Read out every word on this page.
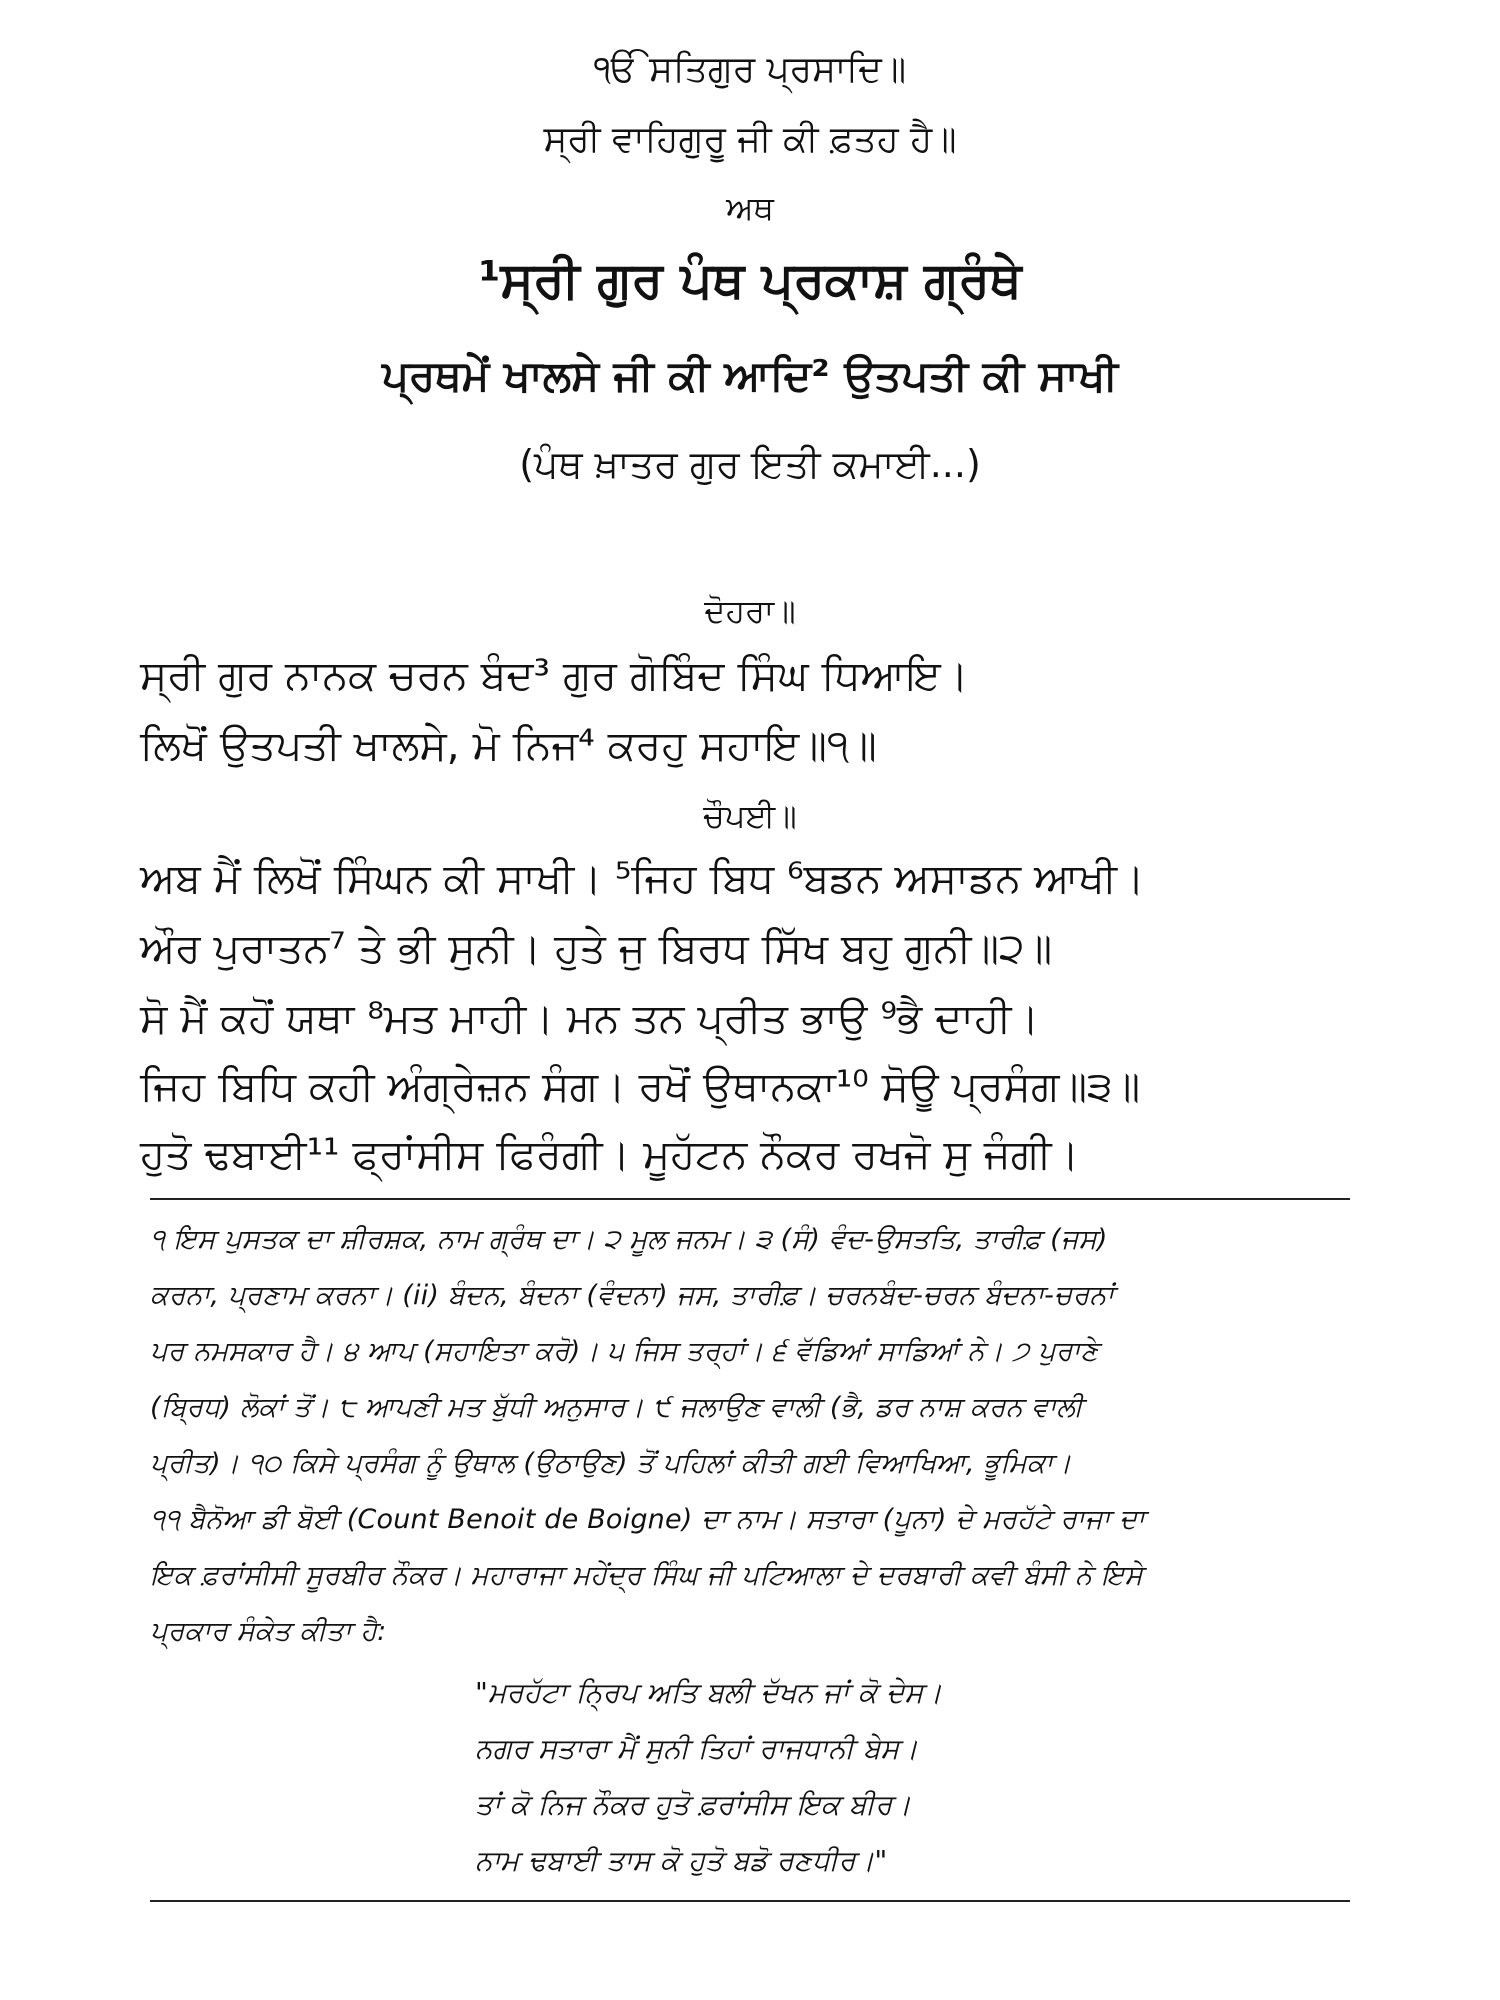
ੴ ਸਤਿਗੁਰ ਪ੍ਰਸਾਦਿ॥
ਸ੍ਰੀ ਵਾਹਿਗੁਰੂ ਜੀ ਕੀ ਫ਼ਤਹ ਹੈ॥
ਅਥ
¹ਸ੍ਰੀ ਗੁਰ ਪੰਥ ਪ੍ਰਕਾਸ਼ ਗ੍ਰੰਥੇ
ਪ੍ਰਥਮੇਂ ਖਾਲਸੇ ਜੀ ਕੀ ਆਦਿ² ਉਤਪਤੀ ਕੀ ਸਾਖੀ
(ਪੰਥ ਖ਼ਾਤਰ ਗੁਰ ਇਤੀ ਕਮਾਈ...)
ਦੋਹਰਾ॥
ਸ੍ਰੀ ਗੁਰ ਨਾਨਕ ਚਰਨ ਬੰਦ³ ਗੁਰ ਗੋਬਿੰਦ ਸਿੰਘ ਧਿਆਇ।
ਲਿਖੋਂ ਉਤਪਤੀ ਖਾਲਸੇ, ਮੋ ਨਿਜ⁴ ਕਰਹੁ ਸਹਾਇ॥੧॥
ਚੌਪਈ॥
ਅਬ ਮੈਂ ਲਿਖੋਂ ਸਿੰਘਨ ਕੀ ਸਾਖੀ। ⁵ਜਿਹ ਬਿਧ ⁶ਬਡਨ ਅਸਾਡਨ ਆਖੀ।
ਔਰ ਪੁਰਾਤਨ⁷ ਤੇ ਭੀ ਸੁਨੀ। ਹੁਤੇ ਜੁ ਬਿਰਧ ਸਿੱਖ ਬਹੁ ਗੁਨੀ॥੨॥
ਸੋ ਮੈਂ ਕਹੋਂ ਯਥਾ ⁸ਮਤ ਮਾਹੀ। ਮਨ ਤਨ ਪ੍ਰੀਤ ਭਾਉ ⁹ਭੈ ਦਾਹੀ।
ਜਿਹ ਬਿਧਿ ਕਹੀ ਅੰਗ੍ਰੇਜ਼ਨ ਸੰਗ। ਰਖੋਂ ਉਥਾਨਕਾ¹⁰ ਸੋਊ ਪ੍ਰਸੰਗ॥੩॥
ਹੁਤੋ ਢਬਾਈ¹¹ ਫ੍ਰਾਂਸੀਸ ਫਿਰੰਗੀ। ਮੂਹੱਟਨ ਨੌਕਰ ਰਖਜੋ ਸੁ ਜੰਗੀ।
੧ ਇਸ ਪੁਸਤਕ ਦਾ ਸ਼ੀਰਸ਼ਕ, ਨਾਮ ਗ੍ਰੰਥ ਦਾ। ੨ ਮੂਲ ਜਨਮ। ੩ (ਸੰ) ਵੰਦ-ਉਸਤਤਿ, ਤਾਰੀਫ਼ (ਜਸ)
ਕਰਨਾ, ਪ੍ਰਣਾਮ ਕਰਨਾ। (ii) ਬੰਦਨ, ਬੰਦਨਾ (ਵੰਦਨਾ) ਜਸ, ਤਾਰੀਫ਼। ਚਰਨਬੰਦ-ਚਰਨ ਬੰਦਨਾ-ਚਰਨਾਂ
ਪਰ ਨਮਸਕਾਰ ਹੈ। ੪ ਆਪ (ਸਹਾਇਤਾ ਕਰੋ)। ੫ ਜਿਸ ਤਰ੍ਹਾਂ। ੬ ਵੱਡਿਆਂ ਸਾਡਿਆਂ ਨੇ। ੭ ਪੁਰਾਣੇ
(ਬ੍ਰਿਧ) ਲੋਕਾਂ ਤੋਂ। ੮ ਆਪਣੀ ਮਤ ਬੁੱਧੀ ਅਨੁਸਾਰ। ੯ ਜਲਾਉਣ ਵਾਲੀ (ਭੈ, ਡਰ ਨਾਸ਼ ਕਰਨ ਵਾਲੀ
ਪ੍ਰੀਤ)। ੧੦ ਕਿਸੇ ਪ੍ਰਸੰਗ ਨੂੰ ਉਥਾਲ (ਉਠਾਉਣ) ਤੋਂ ਪਹਿਲਾਂ ਕੀਤੀ ਗਈ ਵਿਆਖਿਆ, ਭੂਮਿਕਾ।
੧੧ ਬੈਨੋਆ ਡੀ ਬੋਈ (Count Benoit de Boigne) ਦਾ ਨਾਮ। ਸਤਾਰਾ (ਪੂਨਾ) ਦੇ ਮਰਹੱਟੇ ਰਾਜਾ ਦਾ
ਇਕ ਫ਼ਰਾਂਸੀਸੀ ਸੂਰਬੀਰ ਨੌਕਰ। ਮਹਾਰਾਜਾ ਮਹੇਂਦ੍ਰ ਸਿੰਘ ਜੀ ਪਟਿਆਲਾ ਦੇ ਦਰਬਾਰੀ ਕਵੀ ਬੰਸੀ ਨੇ ਇਸੇ
ਪ੍ਰਕਾਰ ਸੰਕੇਤ ਕੀਤਾ ਹੈ:
"ਮਰਹੱਟਾ ਨ੍ਰਿਪ ਅਤਿ ਬਲੀ ਦੱਖਨ ਜਾਂ ਕੋ ਦੇਸ।
ਨਗਰ ਸਤਾਰਾ ਮੈਂ ਸੁਨੀ ਤਿਹਾਂ ਰਾਜਧਾਨੀ ਬੇਸ।
ਤਾਂ ਕੋ ਨਿਜ ਨੌਕਰ ਹੁਤੋ ਫ਼ਰਾਂਸੀਸ ਇਕ ਬੀਰ।
ਨਾਮ ਢਬਾਈ ਤਾਸ ਕੋ ਹੁਤੋ ਬਡੋ ਰਣਧੀਰ।"
